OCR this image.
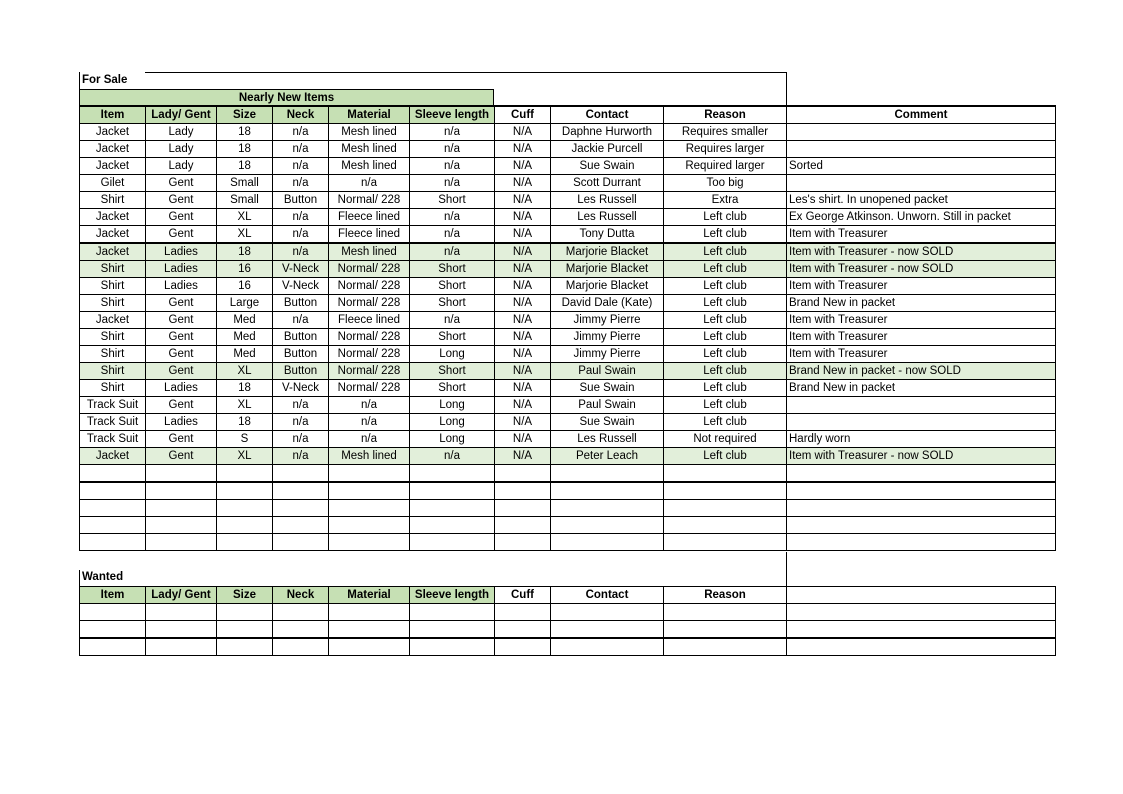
For Sale
Nearly New Items
Item	Lady/ Gent	Size	Neck	Material	Sleeve length	Cuff	Contact	Reason	Comment
Jacket	Lady	18	n/a	Mesh lined	n/a	N/A	Daphne Hurworth	Requires smaller	
Jacket	Lady	18	n/a	Mesh lined	n/a	N/A	Jackie Purcell	Requires larger	
Jacket	Lady	18	n/a	Mesh lined	n/a	N/A	Sue Swain	Required larger	Sorted
Gilet	Gent	Small	n/a	n/a	n/a	N/A	Scott Durrant	Too big	
Shirt	Gent	Small	Button	Normal/ 228	Short	N/A	Les Russell	Extra	Les's shirt. In unopened packet
Jacket	Gent	XL	n/a	Fleece lined	n/a	N/A	Les Russell	Left club	Ex George Atkinson. Unworn. Still in packet
Jacket	Gent	XL	n/a	Fleece lined	n/a	N/A	Tony Dutta	Left club	Item with Treasurer
Jacket	Ladies	18	n/a	Mesh lined	n/a	N/A	Marjorie Blacket	Left club	Item with Treasurer - now SOLD
Shirt	Ladies	16	V-Neck	Normal/ 228	Short	N/A	Marjorie Blacket	Left club	Item with Treasurer - now SOLD
Shirt	Ladies	16	V-Neck	Normal/ 228	Short	N/A	Marjorie Blacket	Left club	Item with Treasurer
Shirt	Gent	Large	Button	Normal/ 228	Short	N/A	David Dale (Kate)	Left club	Brand New in packet
Jacket	Gent	Med	n/a	Fleece lined	n/a	N/A	Jimmy Pierre	Left club	Item with Treasurer
Shirt	Gent	Med	Button	Normal/ 228	Short	N/A	Jimmy Pierre	Left club	Item with Treasurer
Shirt	Gent	Med	Button	Normal/ 228	Long	N/A	Jimmy Pierre	Left club	Item with Treasurer
Shirt	Gent	XL	Button	Normal/ 228	Short	N/A	Paul Swain	Left club	Brand New in packet - now SOLD
Shirt	Ladies	18	V-Neck	Normal/ 228	Short	N/A	Sue Swain	Left club	Brand New in packet
Track Suit	Gent	XL	n/a	n/a	Long	N/A	Paul Swain	Left club	
Track Suit	Ladies	18	n/a	n/a	Long	N/A	Sue Swain	Left club	
Track Suit	Gent	S	n/a	n/a	Long	N/A	Les Russell	Not required	Hardly worn
Jacket	Gent	XL	n/a	Mesh lined	n/a	N/A	Peter Leach	Left club	Item with Treasurer - now SOLD

Wanted
Item	Lady/ Gent	Size	Neck	Material	Sleeve length	Cuff	Contact	Reason	
